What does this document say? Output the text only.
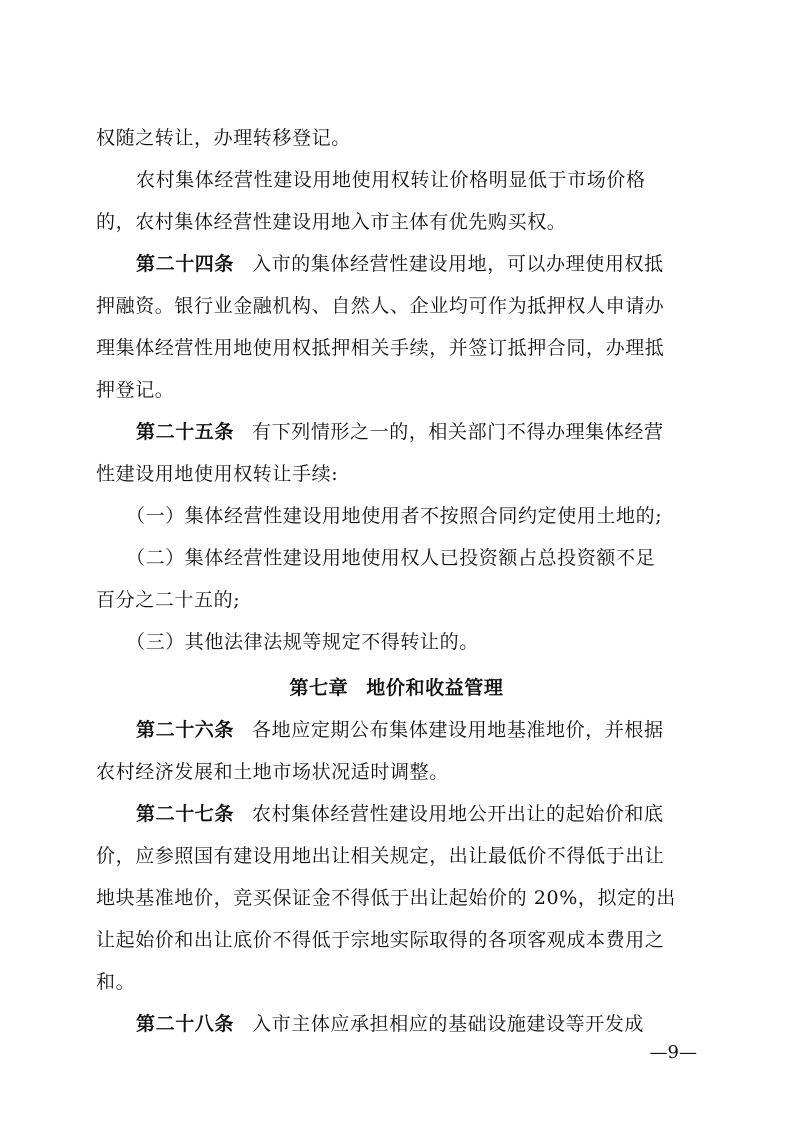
权随之转让，办理转移登记。
农村集体经营性建设用地使用权转让价格明显低于市场价格
的，农村集体经营性建设用地入市主体有优先购买权。
第二十四条 入市的集体经营性建设用地，可以办理使用权抵
押融资。银行业金融机构、自然人、企业均可作为抵押权人申请办
理集体经营性用地使用权抵押相关手续，并签订抵押合同，办理抵
押登记。
第二十五条 有下列情形之一的，相关部门不得办理集体经营
性建设用地使用权转让手续:
（一）集体经营性建设用地使用者不按照合同约定使用土地的;
（二）集体经营性建设用地使用权人已投资额占总投资额不足
百分之二十五的;
（三）其他法律法规等规定不得转让的。
第七章 地价和收益管理
第二十六条 各地应定期公布集体建设用地基准地价，并根据
农村经济发展和土地市场状况适时调整。
第二十七条 农村集体经营性建设用地公开出让的起始价和底
价，应参照国有建设用地出让相关规定，出让最低价不得低于出让
地块基准地价，竞买保证金不得低于出让起始价的 20%，拟定的出
让起始价和出让底价不得低于宗地实际取得的各项客观成本费用之
和。
第二十八条 入市主体应承担相应的基础设施建设等开发成
—9—
